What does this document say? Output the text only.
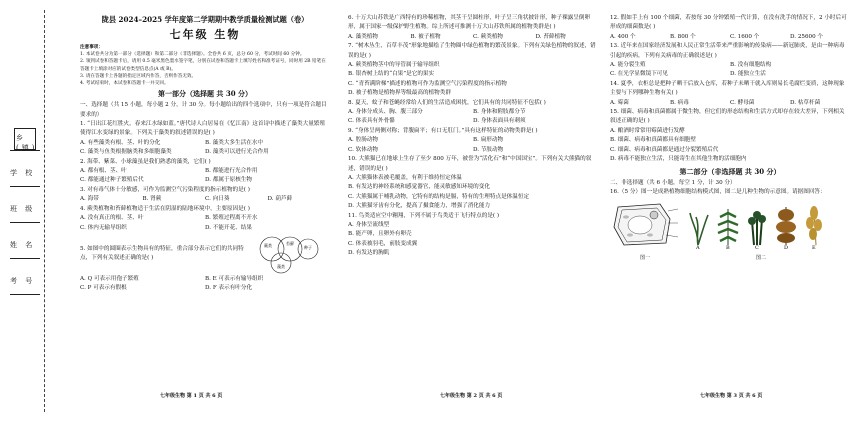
乡(镇)
学 校
班 级
姓 名
考 号
陇县 2024–2025 学年度第二学期期中教学质量检测试题（卷）
七年级 生物
注意事项：
1. 本试卷共分为第一部分（选择题）和第二部分（非选择题）。全卷共 6 页，总分 60 分，考试时间 60 分钟。
2. 领到试卷和答题卡后，请用 0.5 毫米黑色墨水签字笔，分别在试卷和答题卡上填写姓名和准考证号，同时用 2B 铅笔在答题卡上填涂对应的试卷类型信息点(A 或 B)。
3. 请在答题卡上各题的指定区域内作答，否则作答无效。
4. 考试结束时，本试卷和答题卡一并交回。
第一部分（选择题 共 30 分）

一、选择题（共 15 小题，每小题 2 分，计 30 分。每小题给出的四个选项中，只有一项是符合题目要求的）

1. “日出江花红胜火，春来江水绿如蓝。”唐代诗人白居易在《忆江南》这首诗中描述了藻类大量繁殖使得江水变绿的景象。下列关于藻类的叙述错误的是( )

A. 有些藻类有根、茎、叶的分化	B. 藻类大多生活在水中
C. 藻类与鱼类根据脑类和多细胞藻类	D. 藻类可以进行光合作用

2. 海带、紫菜、小球藻虽是我们熟悉的藻类，它们( )

A. 都有根、茎、叶	B. 都能进行光合作用
C. 都能通过种子繁殖后代	D. 都属于原核生物

3. 对有毒气体十分敏感，可作为监测空气污染程度的指示植物的是( )

A. 海带	B. 肾蕨	C. 向日葵	D. 葫芦藓

4. 蕨类植物和苔藓植物适于生活在阴湿的陆地环境中，主要原因是( )

A. 没有真正的根、茎、叶	B. 繁殖过程离不开水
C. 体内无输导组织	D. 不能开花、结果

5. 如图中的圆圈表示生物具有的特征，重合部分表示它们的共同特点，下列有关叙述正确的是( )

蕨类	苔藓
种子
藻类
A. Q 可表示用孢子繁殖	B. E 可表示有输导组织
C. P 可表示有假根	D. F 表示有叶分化
七年级生物 第 1 页 共 6 页

6. 十万大山苏铁是广西特有的珍稀植物，其茎干呈圆柱形，叶子呈三角状披针形，种子裸露呈倒卵形，属于国家一级保护野生植物。综上所述可推测十万大山苏铁所属的植物类群是( )

A. 藻类植物	B. 被子植物	C. 蕨类植物	D. 苔藓植物

7. “树木丛生，百草丰茂”形象地描绘了生物圈中绿色植物的繁茂景象。下列有关绿色植物的叙述，错误的是( )

A. 蕨类植物茎中的导管属于输导组织
B. 银杏树上结的“白果”是它的果实
C. “青苔满阶梯”描述的植物可作为监测空气污染程度的指示植物
D. 被子植物是植物界等级最高的植物类群

8. 夏天，蚊子和苍蝇经常给人们的生活造成困扰，它们具有的共同特征不包括( )

A. 身体分成头、胸、腹三部分	B. 身体和附肢都分节
C. 体表具有外骨骼	D. 身体表面具有刺须

9. “身体呈两侧对称；背腹扁平；有口无肛门。”具有这样特征的动物类群是( )

A. 腔肠动物	B. 扁形动物
C. 软体动物	D. 节肢动物

10. 大熊猫已在地球上生存了至少 800 万年，被誉为“活化石”和“中国国宝”。下列有关大熊猫的叙述，错误的是( )

A. 大熊猫体表被毛覆盖，有利于维持恒定体温
B. 有发达的神经系统和感觉器官，能灵敏感知环境的变化
C. 大熊猫属于哺乳动物，它特有的结构是膈，特有的生理特点是体温恒定
D. 大熊猫牙齿有分化，提高了摄食能力，增强了消化能力

11. 鸟类适应空中翱翔，下列不属于鸟类适于飞行特点的是( )

A. 身体呈流线型
B. 能产卵，且卵外有卵壳
C. 体表被羽毛，前肢变成翼
D. 有发达的胸肌
七年级生物 第 2 页 共 6 页

12. 假如手上有 100 个细菌，若按每 30 分钟繁殖一代计算，在没有洗手的情况下，2 小时后可形成的细菌数是( )

A. 400 个	B. 800 个	C. 1600 个	D. 25600 个

13. 近年来在国家经济发展和人民正常生活带来严重影响的传染病——新冠肺炎，是由一种病毒引起的疾病，下列有关病毒的正确叙述是( )

A. 能分裂生殖	B. 没有细胞结构
C. 在光学显微镜下可见	D. 能独立生活

14. 夏季，衣柜总是把种子晒干后放入仓库，若种子未晒干就入库则易长毛腐烂变质，这种现象主要与下列哪种生物有关( )

A. 霉菌	B. 病毒	C. 酵母菌	D. 枯草杆菌

15. 细菌、病毒和真菌都属于微生物，但它们的形态结构和生活方式却存在较大差异，下列相关叙述正确的是( )

A. 酿酒时常常用霉菌进行发酵
B. 细菌、病毒和真菌都具有细胞壁
C. 细菌、病毒和真菌都是通过分裂繁殖后代
D. 病毒不能独立生活，只能寄生在其他生物的活细胞内
第二部分（非选择题 共 30 分）

二、非选择题（共 6 小题，每空 1 分，计 30 分）

16.（5 分）图一是成熟植物细胞结构模式图，图二是几种生物的示意图。请据图回答：

图一
A	B	C	D	E
图二
七年级生物 第 3 页 共 6 页
